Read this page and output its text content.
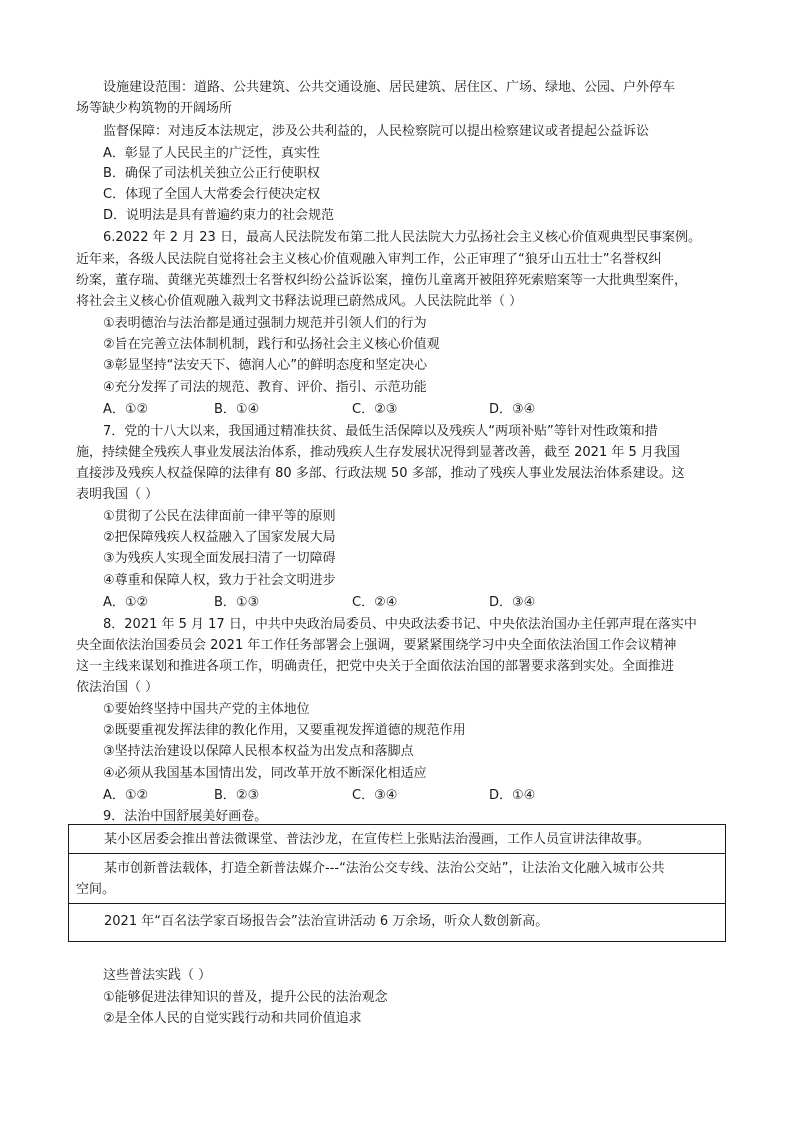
设施建设范围：道路、公共建筑、公共交通设施、居民建筑、居住区、广场、绿地、公园、户外停车
场等缺少构筑物的开阔场所
监督保障：对违反本法规定，涉及公共利益的，人民检察院可以提出检察建议或者提起公益诉讼
A．彰显了人民民主的广泛性，真实性
B．确保了司法机关独立公正行使职权
C．体现了全国人大常委会行使决定权
D．说明法是具有普遍约束力的社会规范
6.2022 年 2 月 23 日，最高人民法院发布第二批人民法院大力弘扬社会主义核心价值观典型民事案例。
近年来，各级人民法院自觉将社会主义核心价值观融入审判工作，公正审理了“狼牙山五壮士”名誉权纠
纷案，董存瑞、黄继光英雄烈士名誉权纠纷公益诉讼案，撞伤儿童离开被阻猝死索赔案等一大批典型案件，
将社会主义核心价值观融入裁判文书释法说理已蔚然成风。人民法院此举（ ）
①表明德治与法治都是通过强制力规范并引领人们的行为
②旨在完善立法体制机制，践行和弘扬社会主义核心价值观
③彰显坚持“法安天下、德润人心”的鲜明态度和坚定决心
④充分发挥了司法的规范、教育、评价、指引、示范功能
A．①②	B．①④	C．②③	D．③④
7．党的十八大以来，我国通过精准扶贫、最低生活保障以及残疾人“两项补贴”等针对性政策和措
施，持续健全残疾人事业发展法治体系，推动残疾人生存发展状况得到显著改善，截至 2021 年 5 月我国
直接涉及残疾人权益保障的法律有 80 多部、行政法规 50 多部，推动了残疾人事业发展法治体系建设。这
表明我国（ ）
①贯彻了公民在法律面前一律平等的原则
②把保障残疾人权益融入了国家发展大局
③为残疾人实现全面发展扫清了一切障碍
④尊重和保障人权，致力于社会文明进步
A．①②	B．①③	C．②④	D．③④
8．2021 年 5 月 17 日，中共中央政治局委员、中央政法委书记、中央依法治国办主任郭声琨在落实中
央全面依法治国委员会 2021 年工作任务部署会上强调，要紧紧围绕学习中央全面依法治国工作会议精神
这一主线来谋划和推进各项工作，明确责任，把党中央关于全面依法治国的部署要求落到实处。全面推进
依法治国（ ）
①要始终坚持中国共产党的主体地位
②既要重视发挥法律的教化作用，又要重视发挥道德的规范作用
③坚持法治建设以保障人民根本权益为出发点和落脚点
④必须从我国基本国情出发，同改革开放不断深化相适应
A．①②	B．②③	C．③④	D．①④
9．法治中国舒展美好画卷。
某小区居委会推出普法微课堂、普法沙龙，在宣传栏上张贴法治漫画，工作人员宣讲法律故事。
某市创新普法载体，打造全新普法媒介---“法治公交专线、法治公交站”，让法治文化融入城市公共
空间。
2021 年“百名法学家百场报告会”法治宣讲活动 6 万余场，听众人数创新高。
这些普法实践（ ）
①能够促进法律知识的普及，提升公民的法治观念
②是全体人民的自觉实践行动和共同价值追求
